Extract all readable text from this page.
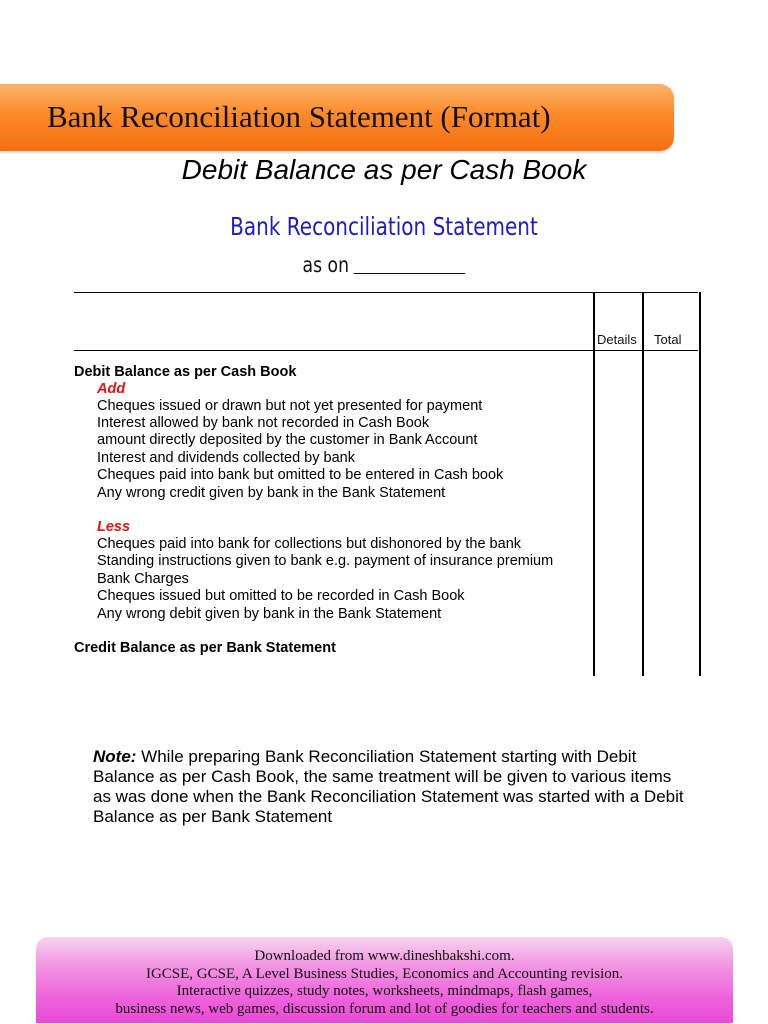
Bank Reconciliation Statement (Format)
Debit Balance as per Cash Book
Bank Reconciliation Statement
as on
Details Total
Debit Balance as per Cash Book
Add
Cheques issued or drawn but not yet presented for payment
Interest allowed by bank not recorded in Cash Book
amount directly deposited by the customer in Bank Account
Interest and dividends collected by bank
Cheques paid into bank but omitted to be entered in Cash book
Any wrong credit given by bank in the Bank Statement
Less
Cheques paid into bank for collections but dishonored by the bank
Standing instructions given to bank e.g. payment of insurance premium
Bank Charges
Cheques issued but omitted to be recorded in Cash Book
Any wrong debit given by bank in the Bank Statement
Credit Balance as per Bank Statement
Note: While preparing Bank Reconciliation Statement starting with Debit Balance as per Cash Book, the same treatment will be given to various items as was done when the Bank Reconciliation Statement was started with a Debit Balance as per Bank Statement
Downloaded from www.dineshbakshi.com.
IGCSE, GCSE, A Level Business Studies, Economics and Accounting revision.
Interactive quizzes, study notes, worksheets, mindmaps, flash games,
business news, web games, discussion forum and lot of goodies for teachers and students.
